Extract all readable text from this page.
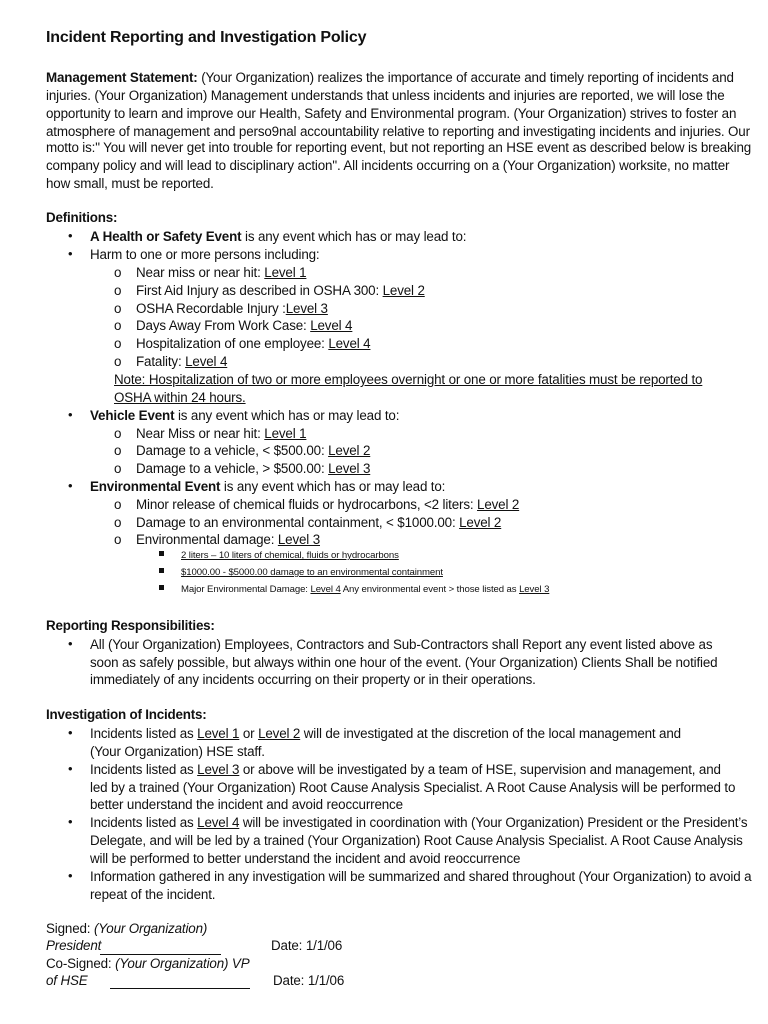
Incident Reporting and Investigation Policy
Management Statement: (Your Organization) realizes the importance of accurate and timely reporting of incidents and
injuries. (Your Organization) Management understands that unless incidents and injuries are reported, we will lose the
opportunity to learn and improve our Health, Safety and Environmental program. (Your Organization) strives to foster an
atmosphere of management and perso9nal accountability relative to reporting and investigating incidents and injuries. Our
motto is:" You will never get into trouble for reporting event, but not reporting an HSE event as described below is breaking
company policy and will lead to disciplinary action". All incidents occurring on a (Your Organization) worksite, no matter
how small, must be reported.
Definitions:
• A Health or Safety Event is any event which has or may lead to:
• Harm to one or more persons including:
o Near miss or near hit: Level 1
o First Aid Injury as described in OSHA 300: Level 2
o OSHA Recordable Injury :Level 3
o Days Away From Work Case: Level 4
o Hospitalization of one employee: Level 4
o Fatality: Level 4
Note: Hospitalization of two or more employees overnight or one or more fatalities must be reported to
OSHA within 24 hours.
• Vehicle Event is any event which has or may lead to:
o Near Miss or near hit: Level 1
o Damage to a vehicle, < $500.00: Level 2
o Damage to a vehicle, > $500.00: Level 3
• Environmental Event is any event which has or may lead to:
o Minor release of chemical fluids or hydrocarbons, <2 liters: Level 2
o Damage to an environmental containment, < $1000.00: Level 2
o Environmental damage: Level 3
2 liters – 10 liters of chemical, fluids or hydrocarbons
$1000.00 - $5000.00 damage to an environmental containment
Major Environmental Damage: Level 4 Any environmental event > those listed as Level 3
Reporting Responsibilities:
• All (Your Organization) Employees, Contractors and Sub-Contractors shall Report any event listed above as
soon as safely possible, but always within one hour of the event. (Your Organization) Clients Shall be notified
immediately of any incidents occurring on their property or in their operations.
Investigation of Incidents:
• Incidents listed as Level 1 or Level 2 will de investigated at the discretion of the local management and
(Your Organization) HSE staff.
• Incidents listed as Level 3 or above will be investigated by a team of HSE, supervision and management, and
led by a trained (Your Organization) Root Cause Analysis Specialist. A Root Cause Analysis will be performed to
better understand the incident and avoid reoccurrence
• Incidents listed as Level 4 will be investigated in coordination with (Your Organization) President or the President’s
Delegate, and will be led by a trained (Your Organization) Root Cause Analysis Specialist. A Root Cause Analysis
will be performed to better understand the incident and avoid reoccurrence
• Information gathered in any investigation will be summarized and shared throughout (Your Organization) to avoid a
repeat of the incident.
Signed: (Your Organization)
President	Date: 1/1/06
Co-Signed: (Your Organization) VP
of HSE	Date: 1/1/06
